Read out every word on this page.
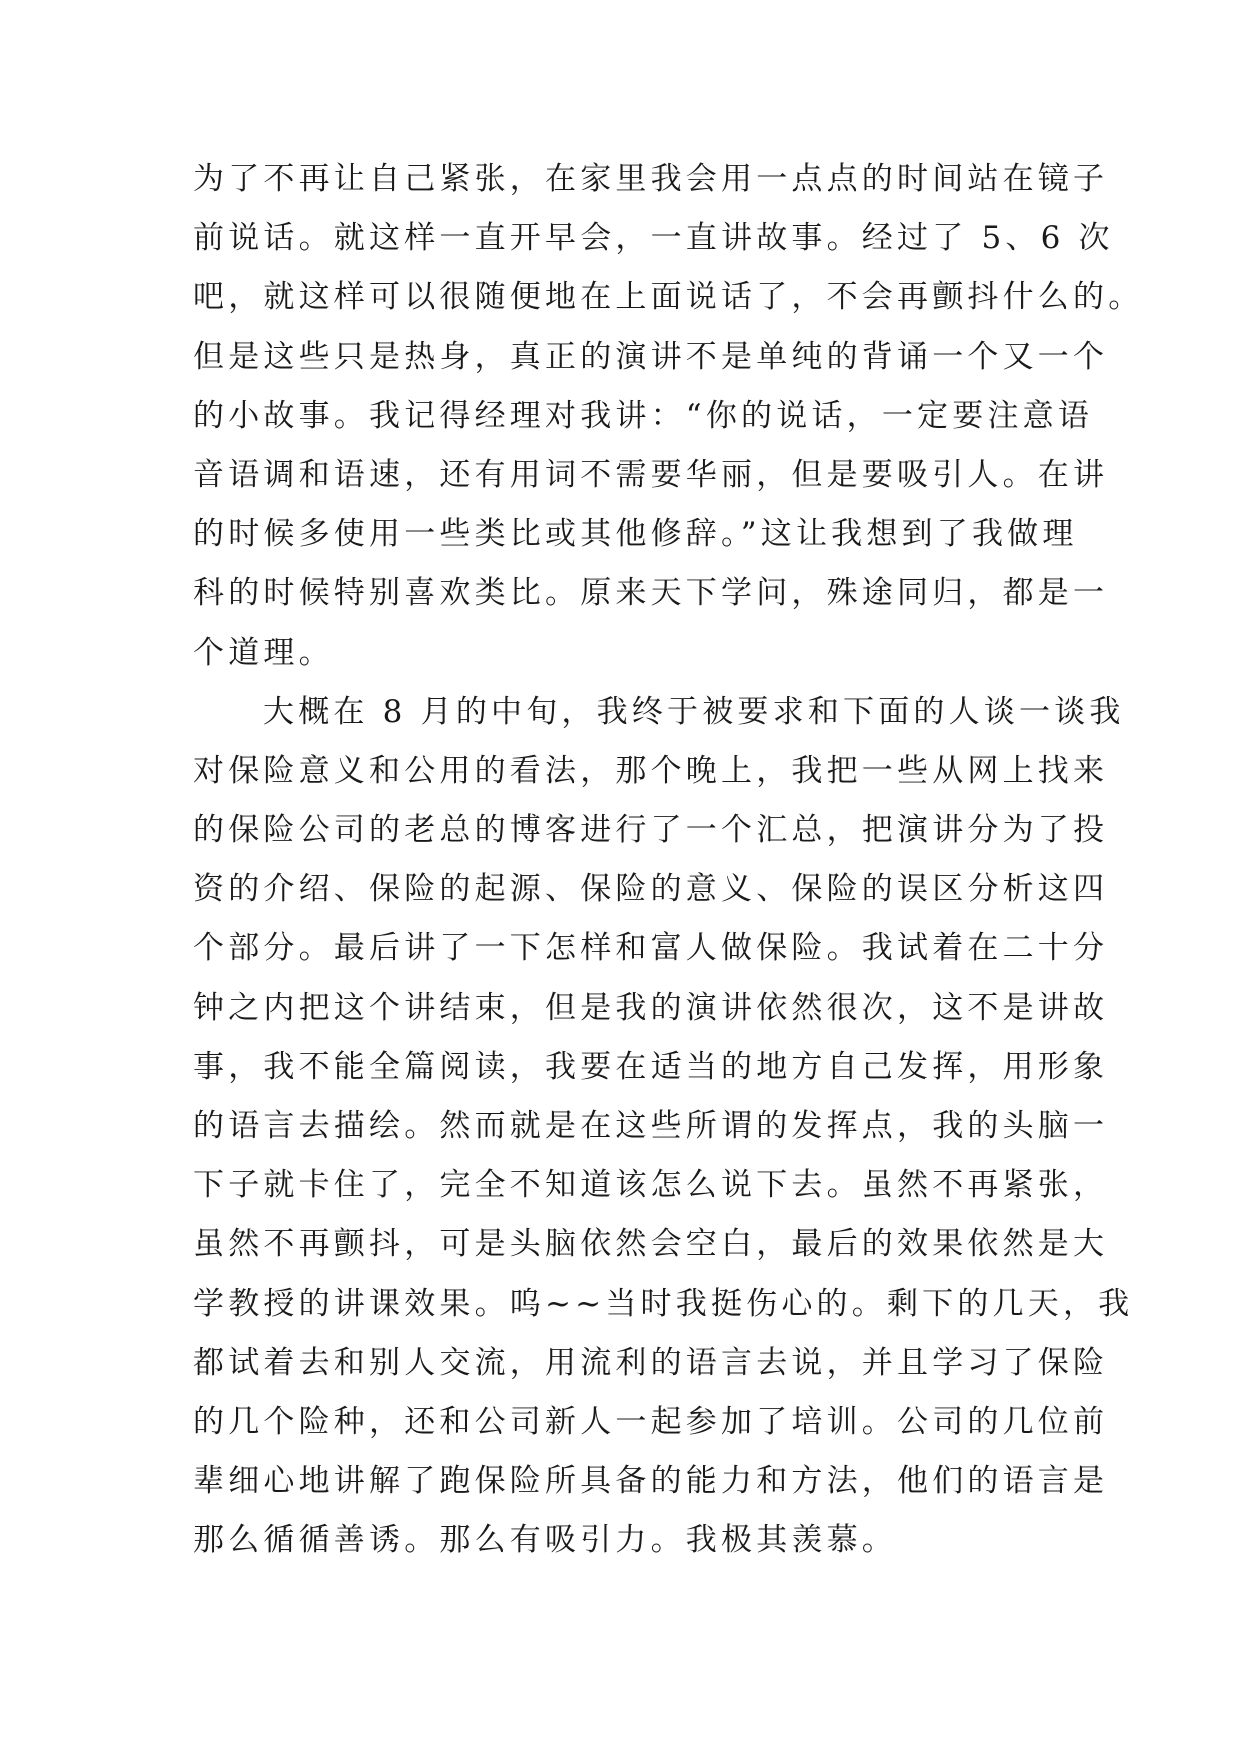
为了不再让自己紧张，在家里我会用一点点的时间站在镜子
前说话。就这样一直开早会，一直讲故事。经过了 5、6 次
吧，就这样可以很随便地在上面说话了，不会再颤抖什么的。
但是这些只是热身，真正的演讲不是单纯的背诵一个又一个
的小故事。我记得经理对我讲：“你的说话，一定要注意语
音语调和语速，还有用词不需要华丽，但是要吸引人。在讲
的时候多使用一些类比或其他修辞。”这让我想到了我做理
科的时候特别喜欢类比。原来天下学问，殊途同归，都是一
个道理。
大概在 8 月的中旬，我终于被要求和下面的人谈一谈我
对保险意义和公用的看法，那个晚上，我把一些从网上找来
的保险公司的老总的博客进行了一个汇总，把演讲分为了投
资的介绍、保险的起源、保险的意义、保险的误区分析这四
个部分。最后讲了一下怎样和富人做保险。我试着在二十分
钟之内把这个讲结束，但是我的演讲依然很次，这不是讲故
事，我不能全篇阅读，我要在适当的地方自己发挥，用形象
的语言去描绘。然而就是在这些所谓的发挥点，我的头脑一
下子就卡住了，完全不知道该怎么说下去。虽然不再紧张，
虽然不再颤抖，可是头脑依然会空白，最后的效果依然是大
学教授的讲课效果。呜~~当时我挺伤心的。剩下的几天，我
都试着去和别人交流，用流利的语言去说，并且学习了保险
的几个险种，还和公司新人一起参加了培训。公司的几位前
辈细心地讲解了跑保险所具备的能力和方法，他们的语言是
那么循循善诱。那么有吸引力。我极其羡慕。
